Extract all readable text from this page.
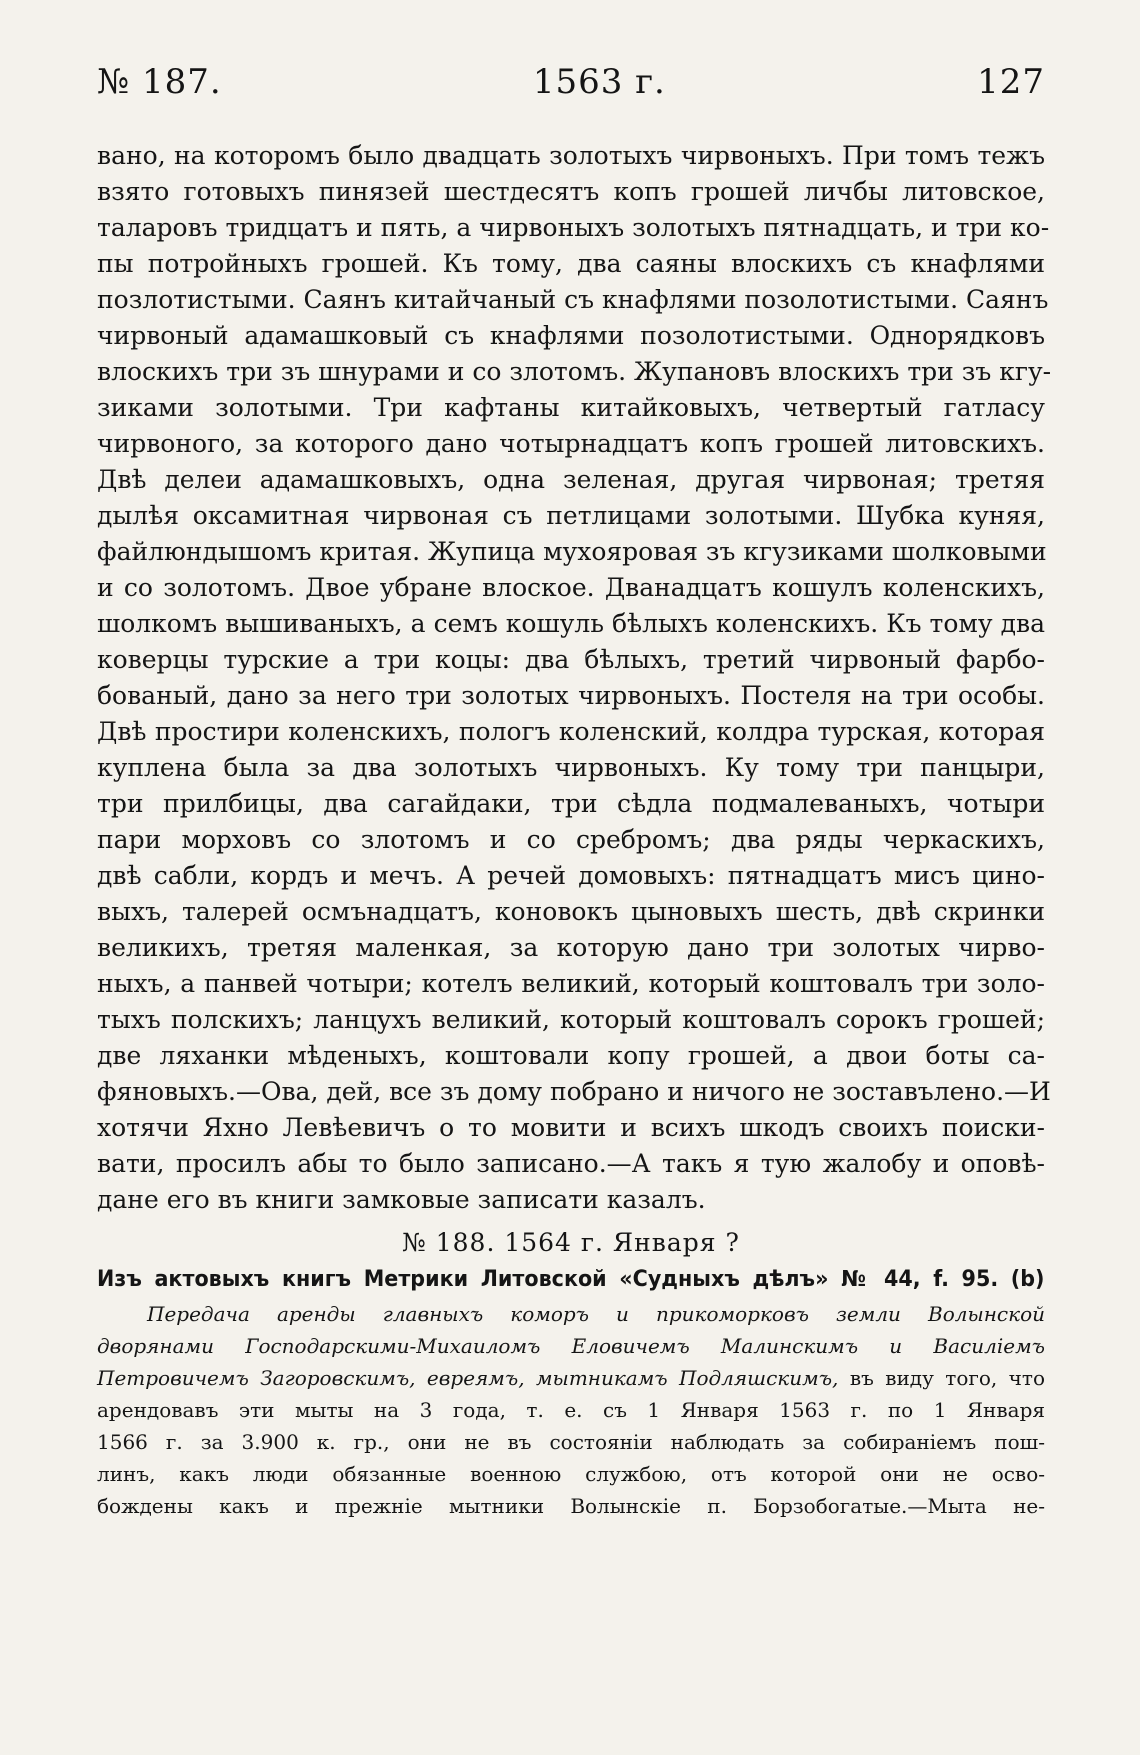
№ 187.	1563 г.	127
вано, на которомъ было двадцать золотыхъ чирвоныхъ. При томъ тежъ
взято готовыхъ пинязей шестдесятъ копъ грошей личбы литовское,
таларовъ тридцатъ и пять, а чирвоныхъ золотыхъ пятнадцать, и три ко-
пы потройныхъ грошей. Къ тому, два саяны влоскихъ съ кнафлями
позлотистыми. Саянъ китайчаный съ кнафлями позолотистыми. Саянъ
чирвоный адамашковый съ кнафлями позолотистыми. Однорядковъ
влоскихъ три зъ шнурами и со злотомъ. Жупановъ влоскихъ три зъ кгу-
зиками золотыми. Три кафтаны китайковыхъ, четвертый гатласу
чирвоного, за которого дано чотырнадцатъ копъ грошей литовскихъ.
Двѣ делеи адамашковыхъ, одна зеленая, другая чирвоная; третяя
дылѣя оксамитная чирвоная съ петлицами золотыми. Шубка куняя,
файлюндышомъ критая. Жупица мухояровая зъ кгузиками шолковыми
и со золотомъ. Двое убране влоское. Дванадцатъ кошулъ коленскихъ,
шолкомъ вышиваныхъ, а семъ кошуль бѣлыхъ коленскихъ. Къ тому два
коверцы турские а три коцы: два бѣлыхъ, третий чирвоный фарбо-
бованый, дано за него три золотых чирвоныхъ. Постеля на три особы.
Двѣ простири коленскихъ, пологъ коленский, колдра турская, которая
куплена была за два золотыхъ чирвоныхъ. Ку тому три панцыри,
три прилбицы, два сагайдаки, три сѣдла подмалеваныхъ, чотыри
пари морховъ со злотомъ и со сребромъ; два ряды черкаскихъ,
двѣ сабли, кордъ и мечъ. А речей домовыхъ: пятнадцатъ мисъ цино-
выхъ, талерей осмънадцатъ, коновокъ цыновыхъ шесть, двѣ скринки
великихъ, третяя маленкая, за которую дано три золотых чирво-
ныхъ, а панвей чотыри; котелъ великий, который коштовалъ три золо-
тыхъ полскихъ; ланцухъ великий, который коштовалъ сорокъ грошей;
две ляханки мѣденыхъ, коштовали копу грошей, а двои боты са-
фяновыхъ.—Ова, дей, все зъ дому побрано и ничого не зоставълено.—И
хотячи Яхно Левѣевичъ о то мовити и всихъ шкодъ своихъ поиски-
вати, просилъ абы то было записано.—А такъ я тую жалобу и оповѣ-
дане его въ книги замковые записати казалъ.
№ 188. 1564 г. Января ?
Изъ актовыхъ книгъ Метрики Литовской «Судныхъ дѣлъ» № 44, f. 95. (b)
Передача аренды главныхъ коморъ и прикоморковъ земли Волынской
дворянами Господарскими-Михаиломъ Еловичемъ Малинскимъ и Василіемъ
Петровичемъ Загоровскимъ, евреямъ, мытникамъ Подляшскимъ, въ виду того, что
арендовавъ эти мыты на 3 года, т. е. съ 1 Января 1563 г. по 1 Января
1566 г. за 3.900 к. гр., они не въ состояніи наблюдать за собираніемъ пош-
линъ, какъ люди обязанные военною службою, отъ которой они не осво-
бождены какъ и прежніе мытники Волынскіе п. Борзобогатые.—Мыта не-
